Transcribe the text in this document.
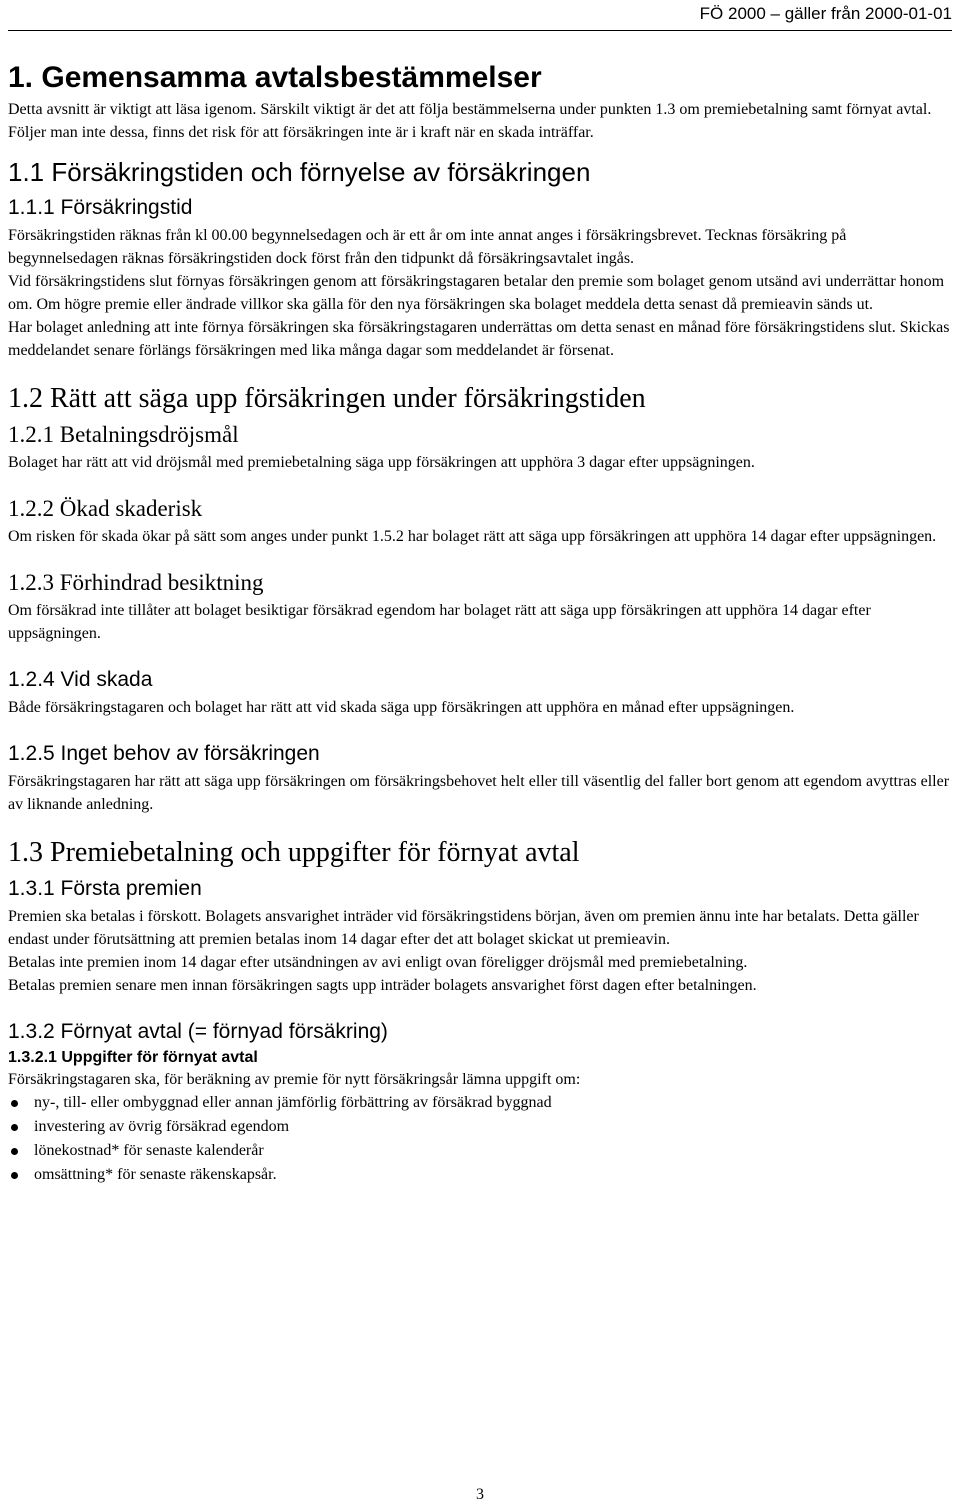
FÖ 2000 – gäller från 2000-01-01
1. Gemensamma avtalsbestämmelser

Detta avsnitt är viktigt att läsa igenom. Särskilt viktigt är det att följa bestämmelserna under punkten 1.3 om premiebetalning samt förnyat avtal. Följer man inte dessa, finns det risk för att försäkringen inte är i kraft när en skada inträffar.

1.1 Försäkringstiden och förnyelse av försäkringen
1.1.1 Försäkringstid

Försäkringstiden räknas från kl 00.00 begynnelsedagen och är ett år om inte annat anges i försäkringsbrevet. Tecknas försäkring på begynnelsedagen räknas försäkringstiden dock först från den tidpunkt då försäkringsavtalet ingås.

Vid försäkringstidens slut förnyas försäkringen genom att försäkringstagaren betalar den premie som bolaget genom utsänd avi underrättar honom om. Om högre premie eller ändrade villkor ska gälla för den nya försäkringen ska bolaget meddela detta senast då premieavin sänds ut.

Har bolaget anledning att inte förnya försäkringen ska försäkringstagaren underrättas om detta senast en månad före försäkringstidens slut. Skickas meddelandet senare förlängs försäkringen med lika många dagar som meddelandet är försenat.

1.2 Rätt att säga upp försäkringen under försäkringstiden
1.2.1 Betalningsdröjsmål

Bolaget har rätt att vid dröjsmål med premiebetalning säga upp försäkringen att upphöra 3 dagar efter uppsägningen.

1.2.2 Ökad skaderisk

Om risken för skada ökar på sätt som anges under punkt 1.5.2 har bolaget rätt att säga upp försäkringen att upphöra 14 dagar efter uppsägningen.

1.2.3 Förhindrad besiktning

Om försäkrad inte tillåter att bolaget besiktigar försäkrad egendom har bolaget rätt att säga upp försäkringen att upphöra 14 dagar efter uppsägningen.

1.2.4 Vid skada

Både försäkringstagaren och bolaget har rätt att vid skada säga upp försäkringen att upphöra en månad efter uppsägningen.

1.2.5 Inget behov av försäkringen

Försäkringstagaren har rätt att säga upp försäkringen om försäkringsbehovet helt eller till väsentlig del faller bort genom att egendom avyttras eller av liknande anledning.

1.3 Premiebetalning och uppgifter för förnyat avtal
1.3.1 Första premien

Premien ska betalas i förskott. Bolagets ansvarighet inträder vid försäkringstidens början, även om premien ännu inte har betalats. Detta gäller endast under förutsättning att premien betalas inom 14 dagar efter det att bolaget skickat ut premieavin.

Betalas inte premien inom 14 dagar efter utsändningen av avi enligt ovan föreligger dröjsmål med premiebetalning.

Betalas premien senare men innan försäkringen sagts upp inträder bolagets ansvarighet först dagen efter betalningen.

1.3.2 Förnyat avtal (= förnyad försäkring)
1.3.2.1 Uppgifter för förnyat avtal

Försäkringstagaren ska, för beräkning av premie för nytt försäkringsår lämna uppgift om:

ny-, till- eller ombyggnad eller annan jämförlig förbättring av försäkrad byggnad
investering av övrig försäkrad egendom
lönekostnad* för senaste kalenderår
omsättning* för senaste räkenskapsår.
3
